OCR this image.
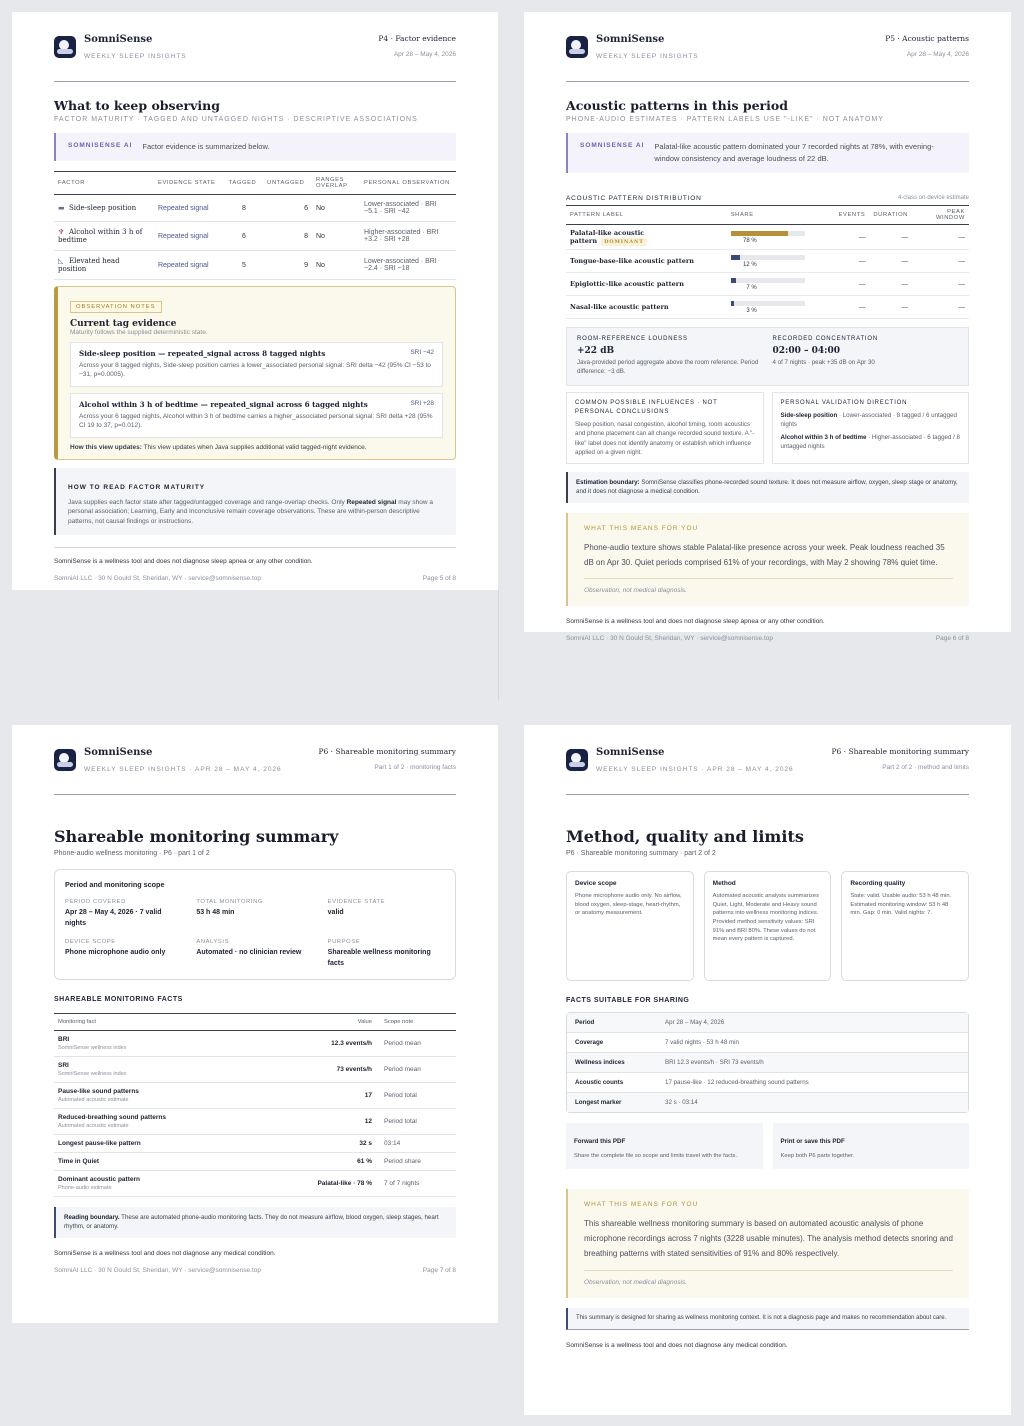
SomniSense
WEEKLY SLEEP INSIGHTS
P4 · Factor evidence
Apr 28 – May 4, 2026
What to keep observing
FACTOR MATURITY · TAGGED AND UNTAGGED NIGHTS · DESCRIPTIVE ASSOCIATIONS
SOMNISENSE AI Factor evidence is summarized below.
FACTOR	EVIDENCE STATE	TAGGED	UNTAGGED	RANGES OVERLAP	PERSONAL OBSERVATION
▬ Side-sleep position	Repeated signal	8	6	No	Lower-associated · BRI −5.1 · SRI −42
♆ Alcohol within 3 h of bedtime	Repeated signal	6	8	No	Higher-associated · BRI +3.2 · SRI +28
◺ Elevated head position	Repeated signal	5	9	No	Lower-associated · BRI −2.4 · SRI −18
OBSERVATION NOTES
Current tag evidence
Maturity follows the supplied deterministic state.
Side-sleep position — repeated_signal across 8 tagged nights	SRI −42

Across your 8 tagged nights, Side-sleep position carries a lower_associated personal signal: SRI delta −42 (95% CI −53 to −31, p=0.0005).

Alcohol within 3 h of bedtime — repeated_signal across 6 tagged nights	SRI +28

Across your 6 tagged nights, Alcohol within 3 h of bedtime carries a higher_associated personal signal: SRI delta +28 (95% CI 19 to 37, p=0.012).

How this view updates: This view updates when Java supplies additional valid tagged-night evidence.
HOW TO READ FACTOR MATURITY

Java supplies each factor state after tagged/untagged coverage and range-overlap checks. Only Repeated signal may show a personal association; Learning, Early and Inconclusive remain coverage observations. These are within-person descriptive patterns, not causal findings or instructions.

SomniSense is a wellness tool and does not diagnose sleep apnea or any other condition.
SomniAI LLC · 30 N Gould St, Sheridan, WY · service@somnisense.top	Page 5 of 8
SomniSense
WEEKLY SLEEP INSIGHTS
P5 · Acoustic patterns
Apr 28 – May 4, 2026
Acoustic patterns in this period
PHONE-AUDIO ESTIMATES · PATTERN LABELS USE "-LIKE" · NOT ANATOMY
SOMNISENSE AI Palatal-like acoustic pattern dominated your 7 recorded nights at 78%, with evening-window consistency and average loudness of 22 dB.
ACOUSTIC PATTERN DISTRIBUTION	4-class on-device estimate
PATTERN LABEL	SHARE	EVENTS	DURATION	PEAK WINDOW
Palatal-like acoustic pattern DOMINANT	78 %	—	—	—
Tongue-base-like acoustic pattern	12 %	—	—	—
Epiglottic-like acoustic pattern	7 %	—	—	—
Nasal-like acoustic pattern	3 %	—	—	—
ROOM-REFERENCE LOUDNESS
+22 dB
Java-provided period aggregate above the room reference. Period difference: −3 dB.
RECORDED CONCENTRATION
02:00 – 04:00
4 of 7 nights · peak +35 dB on Apr 30
COMMON POSSIBLE INFLUENCES · NOT PERSONAL CONCLUSIONS

Sleep position, nasal congestion, alcohol timing, room acoustics and phone placement can all change recorded sound texture. A "-like" label does not identify anatomy or establish which influence applied on a given night.

PERSONAL VALIDATION DIRECTION

Side-sleep position · Lower-associated · 8 tagged / 6 untagged nights

Alcohol within 3 h of bedtime · Higher-associated · 6 tagged / 8 untagged nights

Estimation boundary: SomniSense classifies phone-recorded sound texture. It does not measure airflow, oxygen, sleep stage or anatomy, and it does not diagnose a medical condition.
WHAT THIS MEANS FOR YOU

Phone-audio texture shows stable Palatal-like presence across your week. Peak loudness reached 35 dB on Apr 30. Quiet periods comprised 61% of your recordings, with May 2 showing 78% quiet time.

Observation, not medical diagnosis.
SomniSense is a wellness tool and does not diagnose sleep apnea or any other condition.
SomniAI LLC · 30 N Gould St, Sheridan, WY · service@somnisense.top	Page 6 of 8
SomniSense
WEEKLY SLEEP INSIGHTS · APR 28 – MAY 4, 2026
P6 · Shareable monitoring summary
Part 1 of 2 · monitoring facts
Shareable monitoring summary
Phone-audio wellness monitoring · P6 · part 1 of 2
Period and monitoring scope
PERIOD COVERED
Apr 28 – May 4, 2026 · 7 valid nights
TOTAL MONITORING
53 h 48 min
EVIDENCE STATE
valid
DEVICE SCOPE
Phone microphone audio only
ANALYSIS
Automated · no clinician review
PURPOSE
Shareable wellness monitoring facts
SHAREABLE MONITORING FACTS
Monitoring fact	Value	Scope note
BRI
SomniSense wellness index	12.3 events/h	Period mean
SRI
SomniSense wellness index	73 events/h	Period mean
Pause-like sound patterns
Automated acoustic estimate	17	Period total
Reduced-breathing sound patterns
Automated acoustic estimate	12	Period total
Longest pause-like pattern	32 s	03:14
Time in Quiet	61 %	Period share
Dominant acoustic pattern
Phone-audio estimate	Palatal-like · 78 %	7 of 7 nights
Reading boundary. These are automated phone-audio monitoring facts. They do not measure airflow, blood oxygen, sleep stages, heart rhythm, or anatomy.
SomniSense is a wellness tool and does not diagnose any medical condition.
SomniAI LLC · 30 N Gould St, Sheridan, WY · service@somnisense.top	Page 7 of 8
SomniSense
WEEKLY SLEEP INSIGHTS · APR 28 – MAY 4, 2026
P6 · Shareable monitoring summary
Part 2 of 2 · method and limits
Method, quality and limits
P6 · Shareable monitoring summary · part 2 of 2
Device scope

Phone microphone audio only. No airflow, blood oxygen, sleep-stage, heart-rhythm, or anatomy measurement.

Method

Automated acoustic analysis summarizes Quiet, Light, Moderate and Heavy sound patterns into wellness monitoring indices. Provided method sensitivity values: SRI 91% and BRI 80%. These values do not mean every pattern is captured.

Recording quality

State: valid. Usable audio: 53 h 48 min. Estimated monitoring window: 53 h 48 min. Gap: 0 min. Valid nights: 7.

FACTS SUITABLE FOR SHARING
Period	Apr 28 – May 4, 2026
Coverage	7 valid nights · 53 h 48 min
Wellness indices	BRI 12.3 events/h · SRI 73 events/h
Acoustic counts	17 pause-like · 12 reduced-breathing sound patterns
Longest marker	32 s · 03:14
Forward this PDF

Share the complete file so scope and limits travel with the facts.

Print or save this PDF

Keep both P6 parts together.

WHAT THIS MEANS FOR YOU

This shareable wellness monitoring summary is based on automated acoustic analysis of phone microphone recordings across 7 nights (3228 usable minutes). The analysis method detects snoring and breathing patterns with stated sensitivities of 91% and 80% respectively.

Observation, not medical diagnosis.
This summary is designed for sharing as wellness monitoring context. It is not a diagnosis page and makes no recommendation about care.
SomniSense is a wellness tool and does not diagnose any medical condition.
